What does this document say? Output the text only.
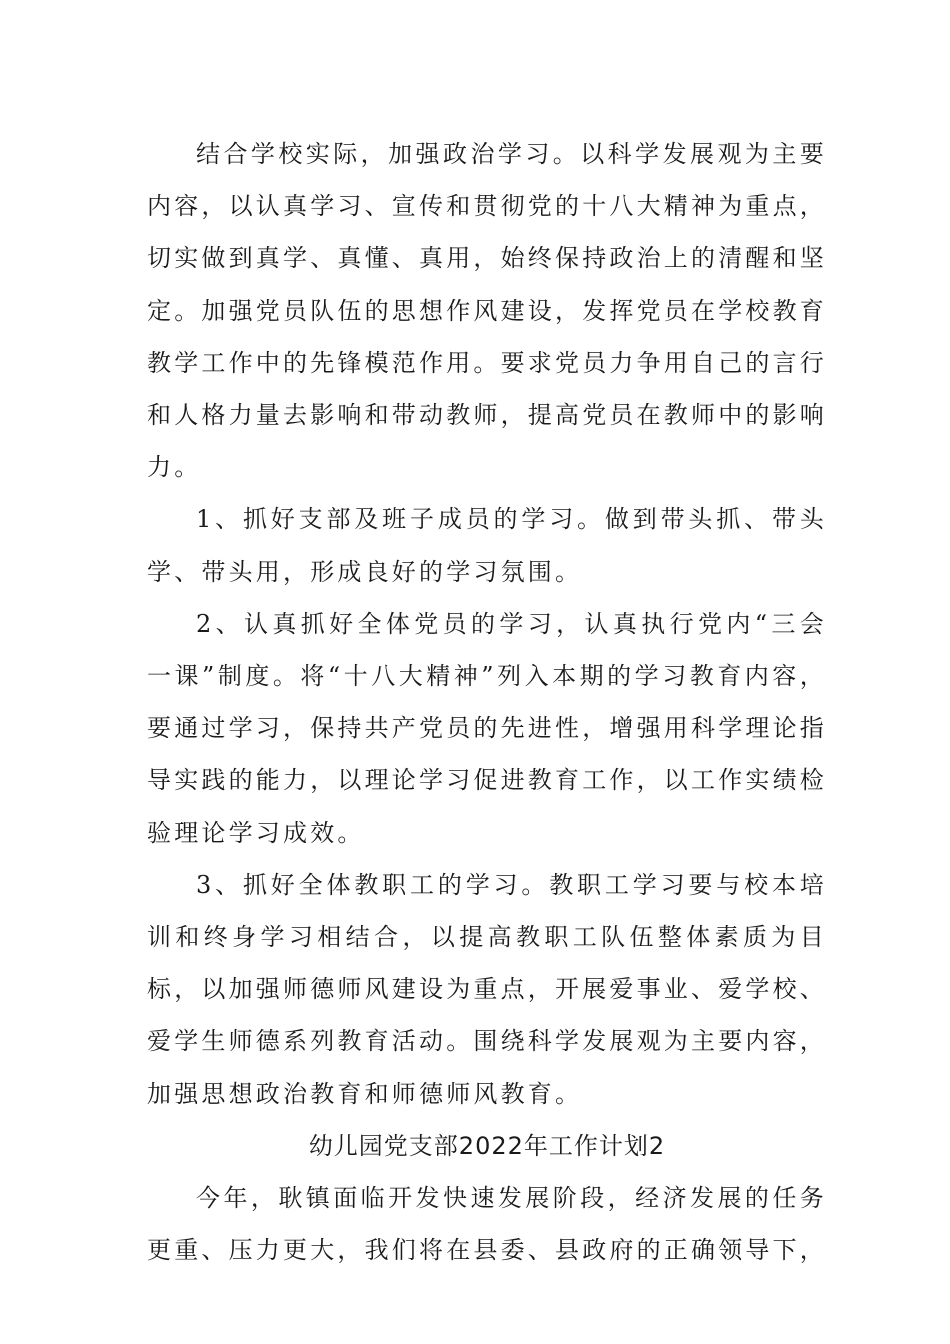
结合学校实际，加强政治学习。以科学发展观为主要内容，以认真学习、宣传和贯彻党的十八大精神为重点，切实做到真学、真懂、真用，始终保持政治上的清醒和坚定。加强党员队伍的思想作风建设，发挥党员在学校教育教学工作中的先锋模范作用。要求党员力争用自己的言行和人格力量去影响和带动教师，提高党员在教师中的影响力。

1、抓好支部及班子成员的学习。做到带头抓、带头学、带头用，形成良好的学习氛围。

2、认真抓好全体党员的学习，认真执行党内“三会一课”制度。将“十八大精神”列入本期的学习教育内容，要通过学习，保持共产党员的先进性，增强用科学理论指导实践的能力，以理论学习促进教育工作，以工作实绩检验理论学习成效。

3、抓好全体教职工的学习。教职工学习要与校本培训和终身学习相结合，以提高教职工队伍整体素质为目标，以加强师德师风建设为重点，开展爱事业、爱学校、爱学生师德系列教育活动。围绕科学发展观为主要内容，加强思想政治教育和师德师风教育。

幼儿园党支部2022年工作计划2

今年，耿镇面临开发快速发展阶段，经济发展的任务更重、压力更大，我们将在县委、县政府的正确领导下，
